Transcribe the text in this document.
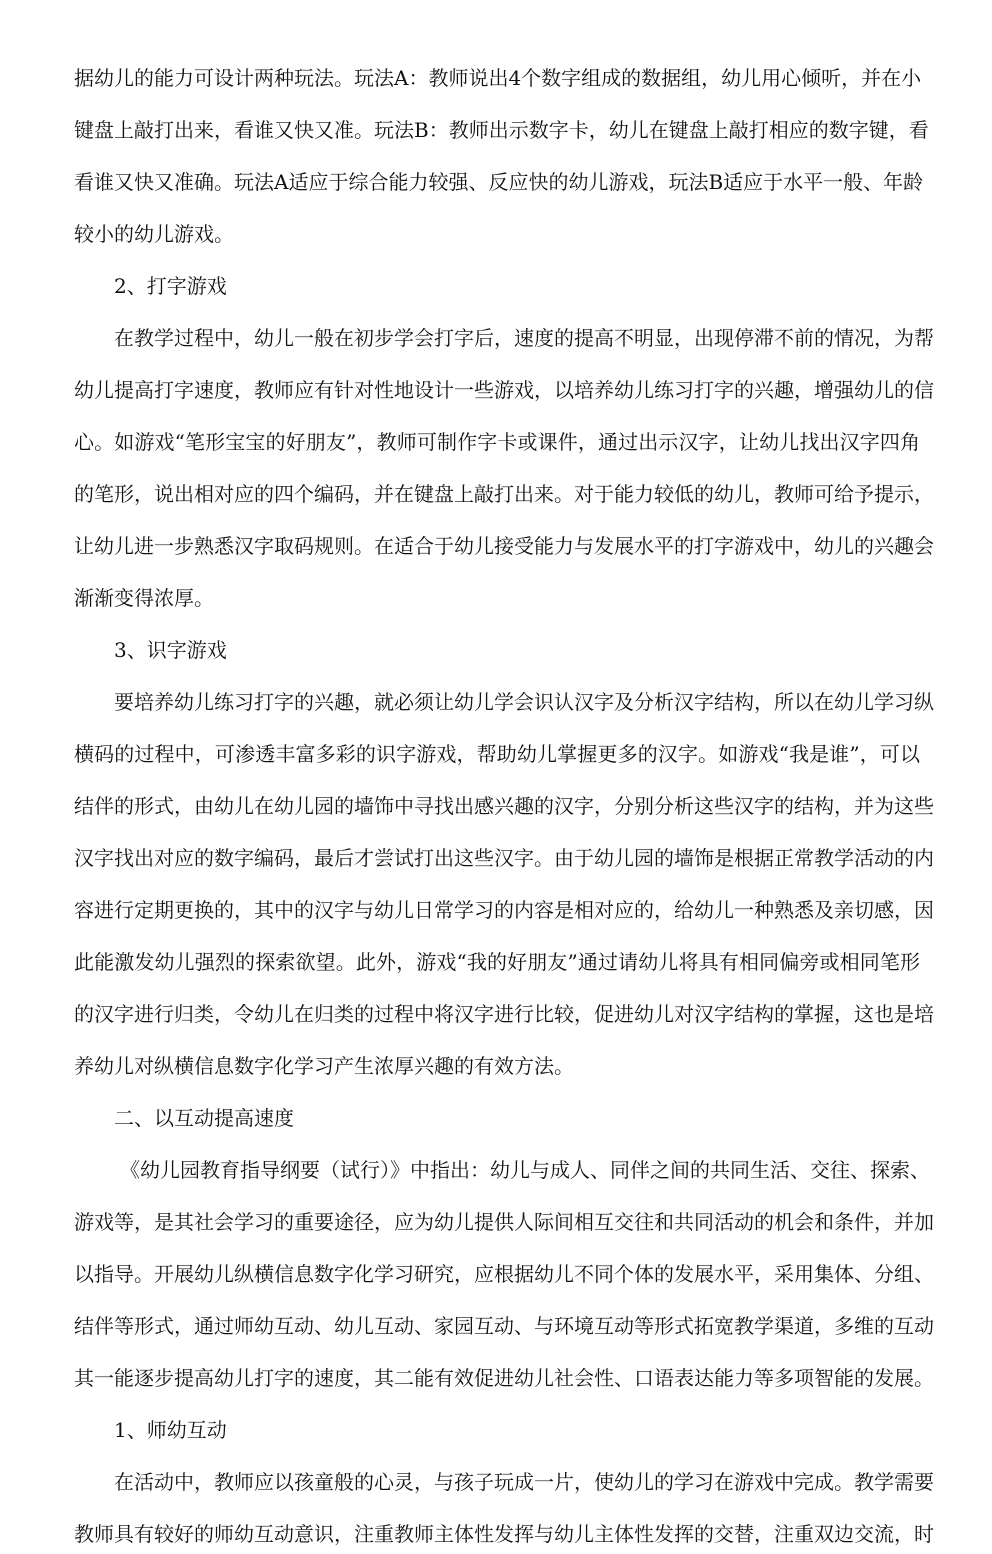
据幼儿的能力可设计两种玩法。玩法A：教师说出4个数字组成的数据组，幼儿用心倾听，并在小
键盘上敲打出来，看谁又快又准。玩法B：教师出示数字卡，幼儿在键盘上敲打相应的数字键，看
看谁又快又准确。玩法A适应于综合能力较强、反应快的幼儿游戏，玩法B适应于水平一般、年龄
较小的幼儿游戏。
2、打字游戏
在教学过程中，幼儿一般在初步学会打字后，速度的提高不明显，出现停滞不前的情况，为帮
幼儿提高打字速度，教师应有针对性地设计一些游戏，以培养幼儿练习打字的兴趣，增强幼儿的信
心。如游戏“笔形宝宝的好朋友”，教师可制作字卡或课件，通过出示汉字，让幼儿找出汉字四角
的笔形，说出相对应的四个编码，并在键盘上敲打出来。对于能力较低的幼儿，教师可给予提示，
让幼儿进一步熟悉汉字取码规则。在适合于幼儿接受能力与发展水平的打字游戏中，幼儿的兴趣会
渐渐变得浓厚。
3、识字游戏
要培养幼儿练习打字的兴趣，就必须让幼儿学会识认汉字及分析汉字结构，所以在幼儿学习纵
横码的过程中，可渗透丰富多彩的识字游戏，帮助幼儿掌握更多的汉字。如游戏“我是谁”，可以
结伴的形式，由幼儿在幼儿园的墙饰中寻找出感兴趣的汉字，分别分析这些汉字的结构，并为这些
汉字找出对应的数字编码，最后才尝试打出这些汉字。由于幼儿园的墙饰是根据正常教学活动的内
容进行定期更换的，其中的汉字与幼儿日常学习的内容是相对应的，给幼儿一种熟悉及亲切感，因
此能激发幼儿强烈的探索欲望。此外，游戏“我的好朋友”通过请幼儿将具有相同偏旁或相同笔形
的汉字进行归类，令幼儿在归类的过程中将汉字进行比较，促进幼儿对汉字结构的掌握，这也是培
养幼儿对纵横信息数字化学习产生浓厚兴趣的有效方法。
二、以互动提高速度
《幼儿园教育指导纲要（试行）》中指出：幼儿与成人、同伴之间的共同生活、交往、探索、
游戏等，是其社会学习的重要途径，应为幼儿提供人际间相互交往和共同活动的机会和条件，并加
以指导。开展幼儿纵横信息数字化学习研究，应根据幼儿不同个体的发展水平，采用集体、分组、
结伴等形式，通过师幼互动、幼儿互动、家园互动、与环境互动等形式拓宽教学渠道，多维的互动
其一能逐步提高幼儿打字的速度，其二能有效促进幼儿社会性、口语表达能力等多项智能的发展。
1、师幼互动
在活动中，教师应以孩童般的心灵，与孩子玩成一片，使幼儿的学习在游戏中完成。教学需要
教师具有较好的师幼互动意识，注重教师主体性发挥与幼儿主体性发挥的交替，注重双边交流，时
